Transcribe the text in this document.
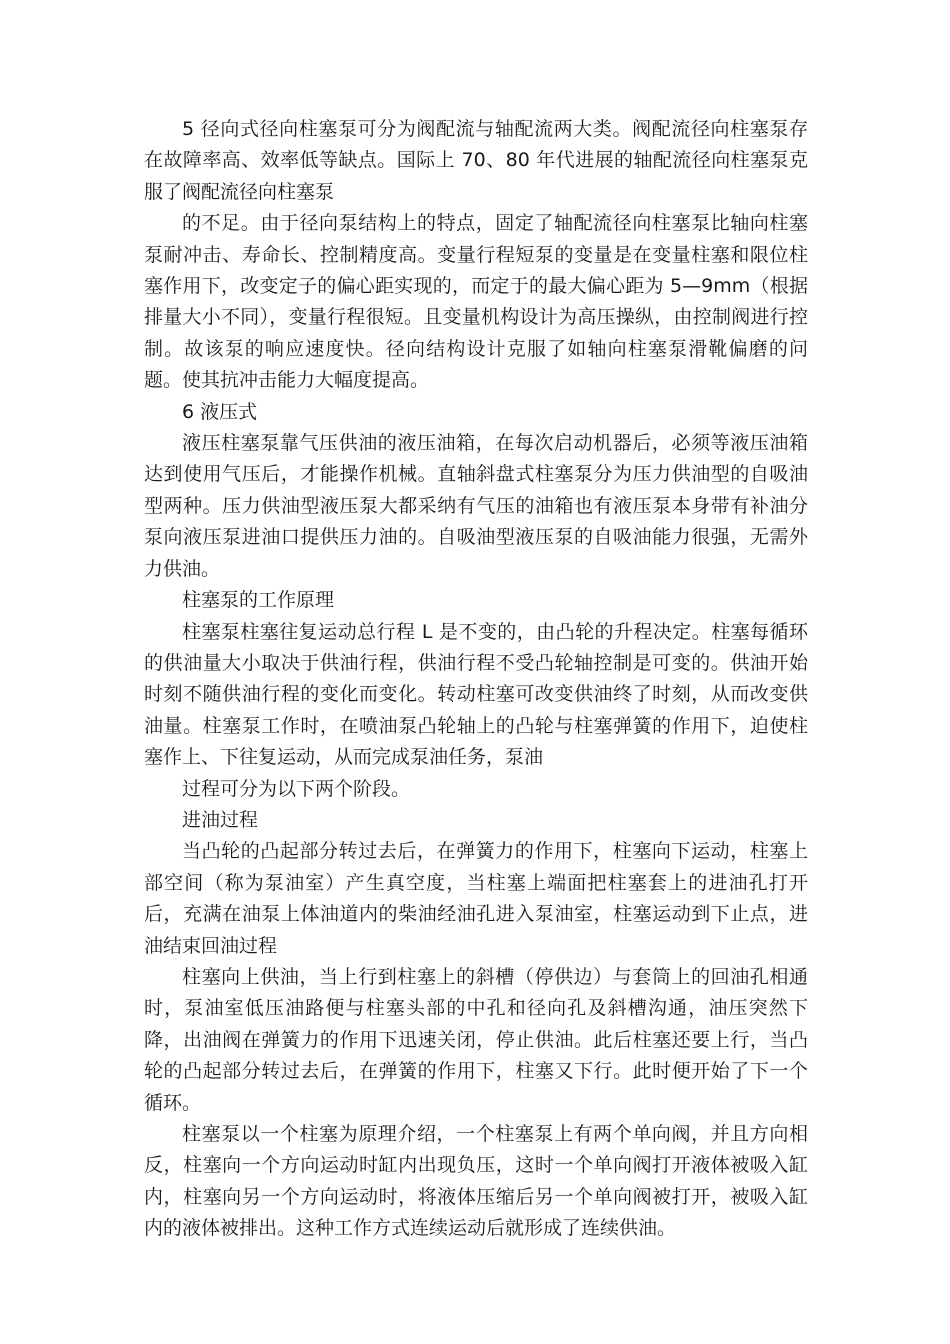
5 径向式径向柱塞泵可分为阀配流与轴配流两大类。阀配流径向柱塞泵存在故障率高、效率低等缺点。国际上 70、80 年代进展的轴配流径向柱塞泵克服了阀配流径向柱塞泵

的不足。由于径向泵结构上的特点，固定了轴配流径向柱塞泵比轴向柱塞泵耐冲击、寿命长、控制精度高。变量行程短泵的变量是在变量柱塞和限位柱塞作用下，改变定子的偏心距实现的，而定于的最大偏心距为 5—9mm（根据排量大小不同），变量行程很短。且变量机构设计为高压操纵，由控制阀进行控制。故该泵的响应速度快。径向结构设计克服了如轴向柱塞泵滑靴偏磨的问题。使其抗冲击能力大幅度提高。

6 液压式

液压柱塞泵靠气压供油的液压油箱，在每次启动机器后，必须等液压油箱达到使用气压后，才能操作机械。直轴斜盘式柱塞泵分为压力供油型的自吸油型两种。压力供油型液压泵大都采纳有气压的油箱也有液压泵本身带有补油分泵向液压泵进油口提供压力油的。自吸油型液压泵的自吸油能力很强，无需外力供油。

柱塞泵的工作原理

柱塞泵柱塞往复运动总行程 L 是不变的，由凸轮的升程决定。柱塞每循环的供油量大小取决于供油行程，供油行程不受凸轮轴控制是可变的。供油开始时刻不随供油行程的变化而变化。转动柱塞可改变供油终了时刻，从而改变供油量。柱塞泵工作时，在喷油泵凸轮轴上的凸轮与柱塞弹簧的作用下，迫使柱塞作上、下往复运动，从而完成泵油任务，泵油

过程可分为以下两个阶段。

进油过程

当凸轮的凸起部分转过去后，在弹簧力的作用下，柱塞向下运动，柱塞上部空间（称为泵油室）产生真空度，当柱塞上端面把柱塞套上的进油孔打开后，充满在油泵上体油道内的柴油经油孔进入泵油室，柱塞运动到下止点，进油结束回油过程

柱塞向上供油，当上行到柱塞上的斜槽（停供边）与套筒上的回油孔相通时，泵油室低压油路便与柱塞头部的中孔和径向孔及斜槽沟通，油压突然下降，出油阀在弹簧力的作用下迅速关闭，停止供油。此后柱塞还要上行，当凸轮的凸起部分转过去后，在弹簧的作用下，柱塞又下行。此时便开始了下一个循环。

柱塞泵以一个柱塞为原理介绍，一个柱塞泵上有两个单向阀，并且方向相反，柱塞向一个方向运动时缸内出现负压，这时一个单向阀打开液体被吸入缸内，柱塞向另一个方向运动时，将液体压缩后另一个单向阀被打开，被吸入缸内的液体被排出。这种工作方式连续运动后就形成了连续供油。
